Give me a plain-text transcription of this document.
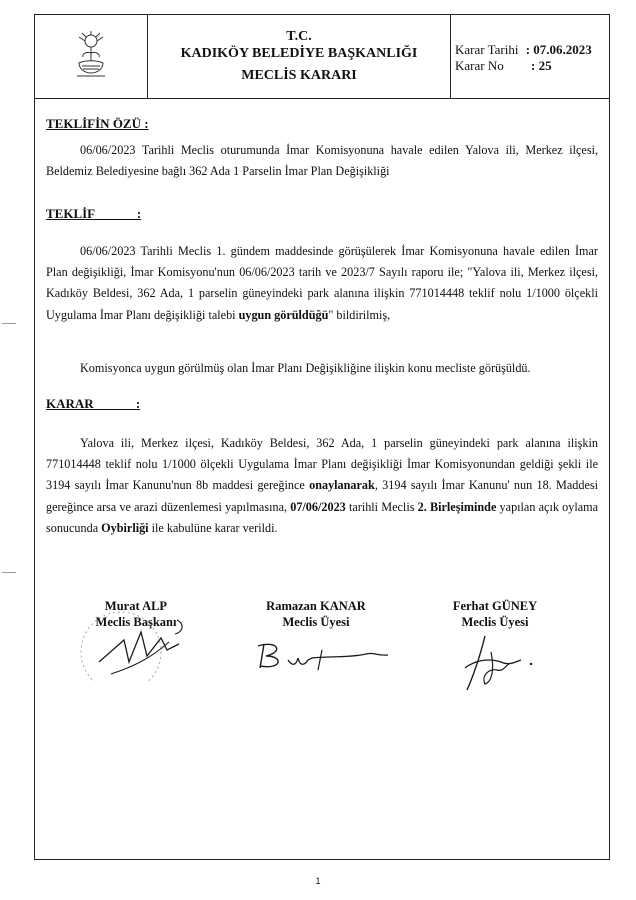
T.C.
KADIKÖY BELEDİYE BAŞKANLIĞI
MECLİS KARARI
Karar Tarihi : 07.06.2023
Karar No : 25
TEKLİFİN ÖZÜ :

06/06/2023 Tarihli Meclis oturumunda İmar Komisyonuna havale edilen Yalova ili, Merkez ilçesi, Beldemiz Belediyesine bağlı 362 Ada 1 Parselin İmar Plan Değişikliği

TEKLİF             :

06/06/2023 Tarihli Meclis 1. gündem maddesinde görüşülerek İmar Komisyonuna havale edilen İmar Plan değişikliği, İmar Komisyonu'nun 06/06/2023 tarih ve 2023/7 Sayılı raporu ile; "Yalova ili, Merkez ilçesi, Kadıköy Beldesi, 362 Ada, 1 parselin güneyindeki park alanına ilişkin 771014448 teklif nolu 1/1000 ölçekli Uygulama İmar Planı değişikliği talebi uygun görüldüğü" bildirilmiş,

Komisyonca uygun görülmüş olan İmar Planı Değişikliğine ilişkin konu mecliste görüşüldü.

KARAR             :

Yalova ili, Merkez ilçesi, Kadıköy Beldesi, 362 Ada, 1 parselin güneyindeki park alanına ilişkin 771014448 teklif nolu 1/1000 ölçekli Uygulama İmar Planı değişikliği İmar Komisyonundan geldiği şekli ile 3194 sayılı İmar Kanunu'nun 8b maddesi gereğince onaylanarak, 3194 sayılı İmar Kanunu' nun 18. Maddesi gereğince arsa ve arazi düzenlemesi yapılmasına, 07/06/2023 tarihli Meclis 2. Birleşiminde yapılan açık oylama sonucunda Oybirliği ile kabulüne karar verildi.

Murat ALP
Meclis Başkanı
Ramazan KANAR
Meclis Üyesi
Ferhat GÜNEY
Meclis Üyesi
1
